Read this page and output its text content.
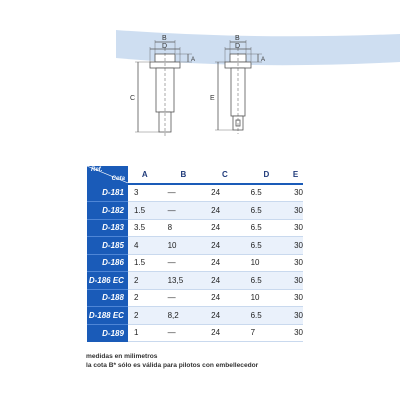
D
B
A
C
D
B
A
E
Ref.
Cota	A	B	C	D	E
D-181	3	—	24	6.5	30
D-182	1.5	—	24	6.5	30
D-183	3.5	8	24	6.5	30
D-185	4	10	24	6.5	30
D-186	1.5	—	24	10	30
D-186 EC	2	13,5	24	6.5	30
D-188	2	—	24	10	30
D-188 EC	2	8,2	24	6.5	30
D-189	1	—	24	7	30
medidas en milimetros
la cota B* sólo es válida para pilotos con embellecedor
